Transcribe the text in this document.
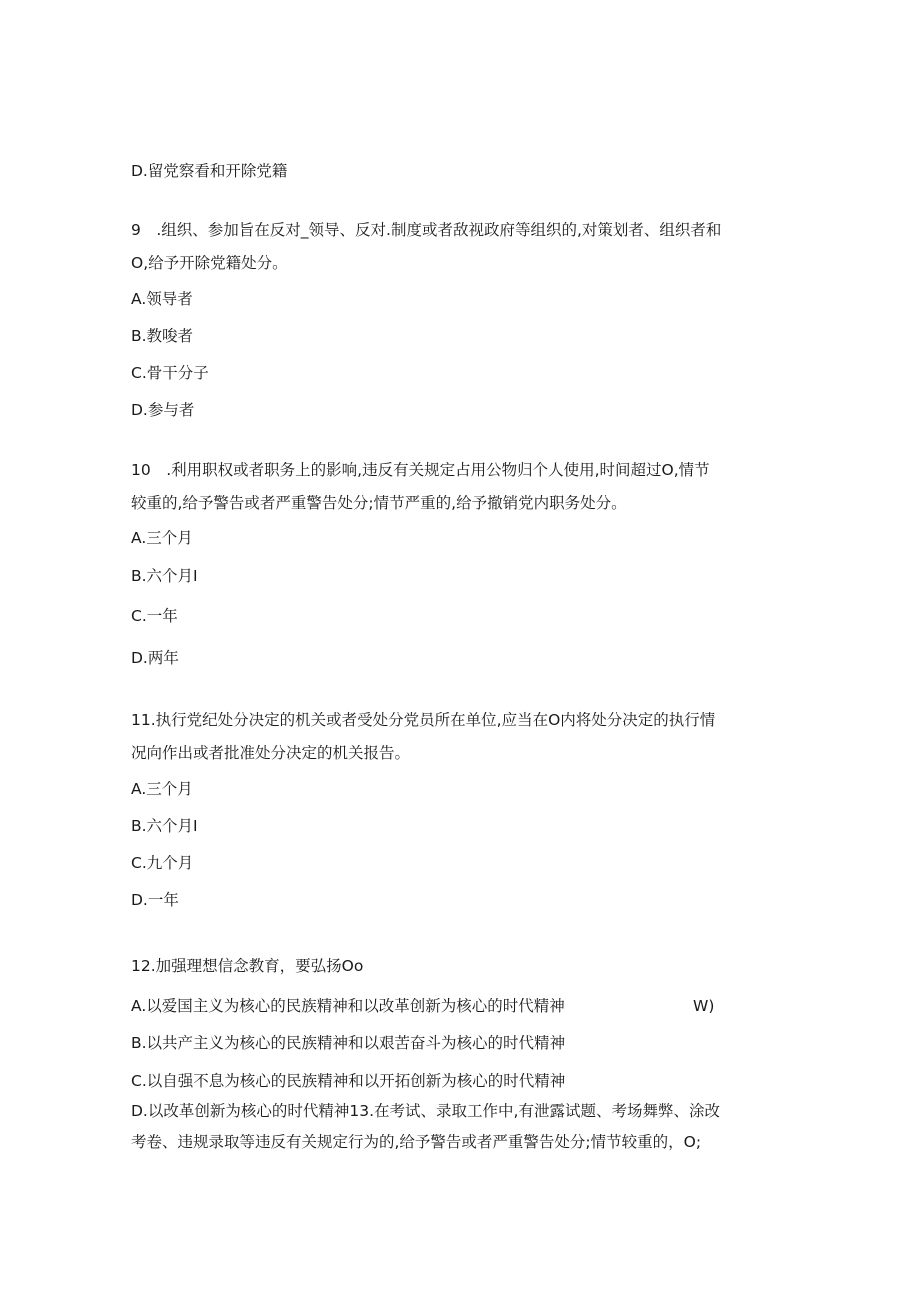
D.留党察看和开除党籍
9　.组织、参加旨在反对_领导、反对.制度或者敌视政府等组织的,对策划者、组织者和
O,给予开除党籍处分。
A.领导者
B.教唆者
C.骨干分子
D.参与者
10　.利用职权或者职务上的影响,违反有关规定占用公物归个人使用,时间超过O,情节
较重的,给予警告或者严重警告处分;情节严重的,给予撤销党内职务处分。
A.三个月
B.六个月I
C.一年
D.两年
11.执行党纪处分决定的机关或者受处分党员所在单位,应当在O内将处分决定的执行情
况向作出或者批准处分决定的机关报告。
A.三个月
B.六个月I
C.九个月
D.一年
12.加强理想信念教育，要弘扬Oo
A.以爱国主义为核心的民族精神和以改革创新为核心的时代精神	W)
B.以共产主义为核心的民族精神和以艰苦奋斗为核心的时代精神
C.以自强不息为核心的民族精神和以开拓创新为核心的时代精神
D.以改革创新为核心的时代精神13.在考试、录取工作中,有泄露试题、考场舞弊、涂改
考卷、违规录取等违反有关规定行为的,给予警告或者严重警告处分;情节较重的，O;
